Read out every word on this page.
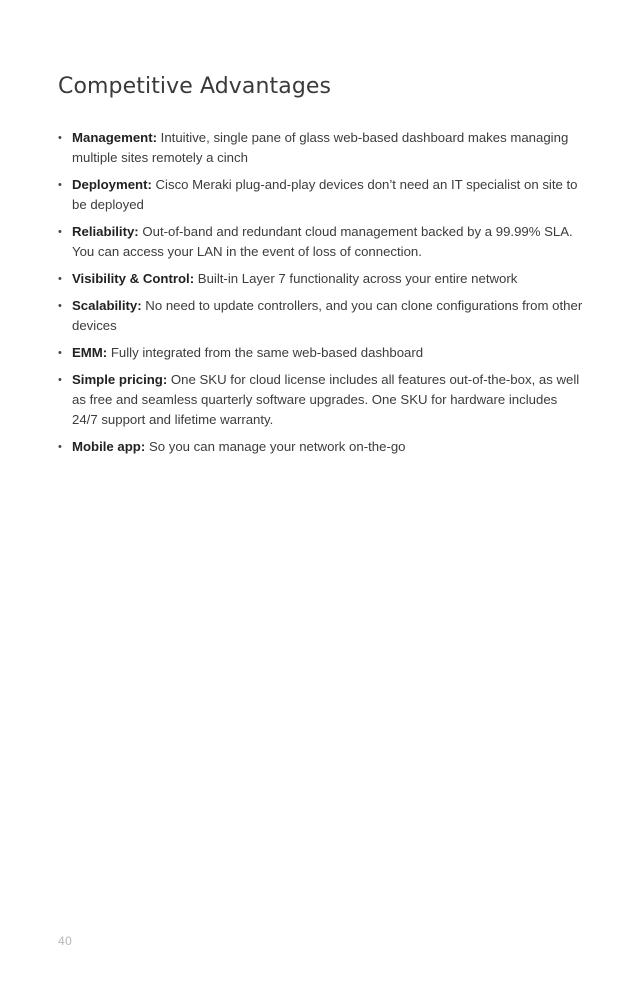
Competitive Advantages
• Management: Intuitive, single pane of glass web-based dashboard makes managing multiple sites remotely a cinch
• Deployment: Cisco Meraki plug-and-play devices don’t need an IT specialist on site to be deployed
• Reliability: Out-of-band and redundant cloud management backed by a 99.99% SLA. You can access your LAN in the event of loss of connection.
• Visibility & Control: Built-in Layer 7 functionality across your entire network
• Scalability: No need to update controllers, and you can clone configurations from other devices
• EMM: Fully integrated from the same web-based dashboard
• Simple pricing: One SKU for cloud license includes all features out-of-the-box, as well as free and seamless quarterly software upgrades. One SKU for hardware includes 24/7 support and lifetime warranty.
• Mobile app: So you can manage your network on-the-go
40
